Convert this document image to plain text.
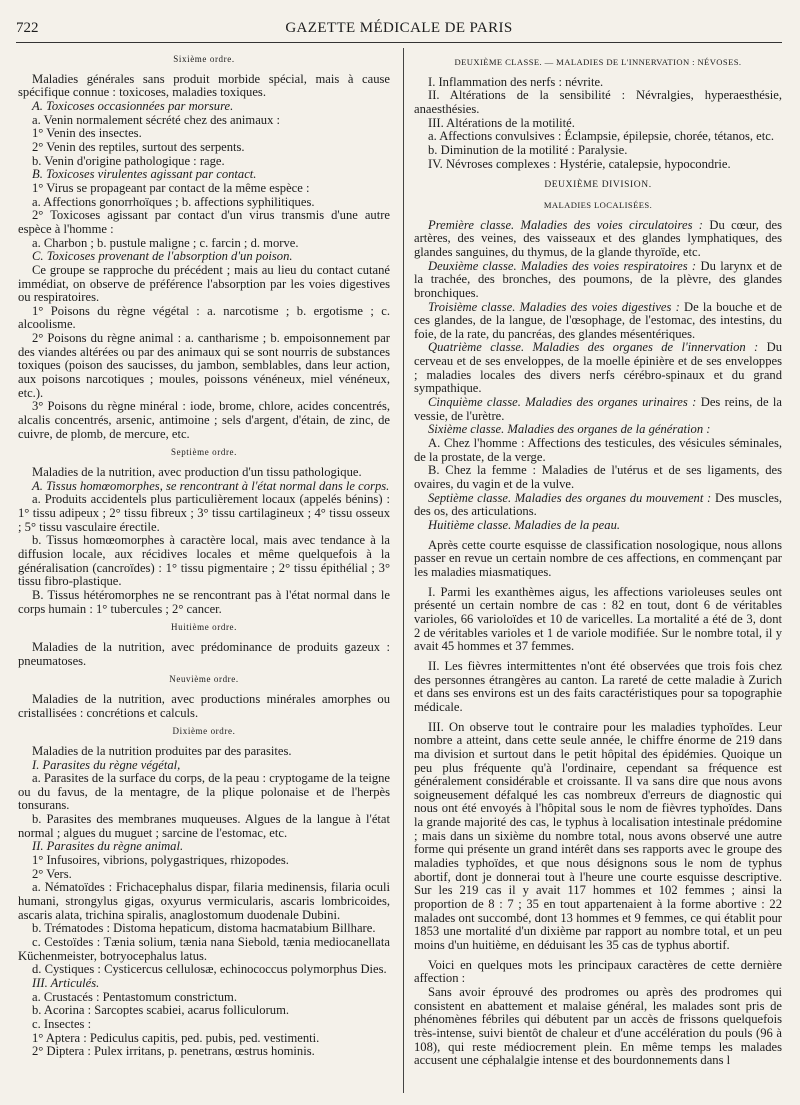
722	GAZETTE MÉDICALE DE PARIS
Sixième ordre.

Maladies générales sans produit morbide spécial, mais à cause spécifique connue : toxicoses, maladies toxiques.

A. Toxicoses occasionnées par morsure.

a. Venin normalement sécrété chez des animaux :

1° Venin des insectes.

2° Venin des reptiles, surtout des serpents.

b. Venin d'origine pathologique : rage.

B. Toxicoses virulentes agissant par contact.

1° Virus se propageant par contact de la même espèce :

a. Affections gonorrhoïques ; b. affections syphilitiques.

2° Toxicoses agissant par contact d'un virus transmis d'une autre espèce à l'homme :

a. Charbon ; b. pustule maligne ; c. farcin ; d. morve.

C. Toxicoses provenant de l'absorption d'un poison.

Ce groupe se rapproche du précédent ; mais au lieu du contact cutané immédiat, on observe de préférence l'absorption par les voies digestives ou respiratoires.

1° Poisons du règne végétal : a. narcotisme ; b. ergotisme ; c. alcoolisme.

2° Poisons du règne animal : a. cantharisme ; b. empoisonnement par des viandes altérées ou par des animaux qui se sont nourris de substances toxiques (poison des saucisses, du jambon, semblables, dans leur action, aux poisons narcotiques ; moules, poissons vénéneux, miel vénéneux, etc.).

3° Poisons du règne minéral : iode, brome, chlore, acides concentrés, alcalis concentrés, arsenic, antimoine ; sels d'argent, d'étain, de zinc, de cuivre, de plomb, de mercure, etc.

Septième ordre.

Maladies de la nutrition, avec production d'un tissu pathologique.

A. Tissus homœomorphes, se rencontrant à l'état normal dans le corps.

a. Produits accidentels plus particulièrement locaux (appelés bénins) : 1° tissu adipeux ; 2° tissu fibreux ; 3° tissu cartilagineux ; 4° tissu osseux ; 5° tissu vasculaire érectile.

b. Tissus homœomorphes à caractère local, mais avec tendance à la diffusion locale, aux récidives locales et même quelquefois à la généralisation (cancroïdes) : 1° tissu pigmentaire ; 2° tissu épithélial ; 3° tissu fibro-plastique.

B. Tissus hétéromorphes ne se rencontrant pas à l'état normal dans le corps humain : 1° tubercules ; 2° cancer.

Huitième ordre.

Maladies de la nutrition, avec prédominance de produits gazeux : pneumatoses.

Neuvième ordre.

Maladies de la nutrition, avec productions minérales amorphes ou cristallisées : concrétions et calculs.

Dixième ordre.

Maladies de la nutrition produites par des parasites.

I. Parasites du règne végétal,

a. Parasites de la surface du corps, de la peau : cryptogame de la teigne ou du favus, de la mentagre, de la plique polonaise et de l'herpès tonsurans.

b. Parasites des membranes muqueuses. Algues de la langue à l'état normal ; algues du muguet ; sarcine de l'estomac, etc.

II. Parasites du règne animal.

1° Infusoires, vibrions, polygastriques, rhizopodes.

2° Vers.

a. Nématoïdes : Frichacephalus dispar, filaria medinensis, filaria oculi humani, strongylus gigas, oxyurus vermicularis, ascaris lombricoides, ascaris alata, trichina spiralis, anaglostomum duodenale Dubini.

b. Trématodes : Distoma hepaticum, distoma hacmatabium Billhare.

c. Cestoïdes : Tænia solium, tænia nana Siebold, tænia mediocanellata Küchenmeister, botryocephalus latus.

d. Cystiques : Cysticercus cellulosæ, echinococcus polymorphus Dies.

III. Articulés.

a. Crustacés : Pentastomum constrictum.

b. Acorina : Sarcoptes scabiei, acarus folliculorum.

c. Insectes :

1° Aptera : Pediculus capitis, ped. pubis, ped. vestimenti.

2° Diptera : Pulex irritans, p. penetrans, œstrus hominis.

DEUXIÈME CLASSE. — MALADIES DE L'INNERVATION : NÉVOSES.

I. Inflammation des nerfs : névrite.

II. Altérations de la sensibilité : Névralgies, hyperaesthésie, anaesthésies.

III. Altérations de la motilité.

a. Affections convulsives : Éclampsie, épilepsie, chorée, tétanos, etc.

b. Diminution de la motilité : Paralysie.

IV. Névroses complexes : Hystérie, catalepsie, hypocondrie.

DEUXIÈME DIVISION.
MALADIES LOCALISÉES.

Première classe. Maladies des voies circulatoires : Du cœur, des artères, des veines, des vaisseaux et des glandes lymphatiques, des glandes sanguines, du thymus, de la glande thyroïde, etc.

Deuxième classe. Maladies des voies respiratoires : Du larynx et de la trachée, des bronches, des poumons, de la plèvre, des glandes bronchiques.

Troisième classe. Maladies des voies digestives : De la bouche et de ces glandes, de la langue, de l'œsophage, de l'estomac, des intestins, du foie, de la rate, du pancréas, des glandes mésentériques.

Quatrième classe. Maladies des organes de l'innervation : Du cerveau et de ses enveloppes, de la moelle épinière et de ses enveloppes ; maladies locales des divers nerfs cérébro-spinaux et du grand sympathique.

Cinquième classe. Maladies des organes urinaires : Des reins, de la vessie, de l'urètre.

Sixième classe. Maladies des organes de la génération :

A. Chez l'homme : Affections des testicules, des vésicules séminales, de la prostate, de la verge.

B. Chez la femme : Maladies de l'utérus et de ses ligaments, des ovaires, du vagin et de la vulve.

Septième classe. Maladies des organes du mouvement : Des muscles, des os, des articulations.

Huitième classe. Maladies de la peau.

Après cette courte esquisse de classification nosologique, nous allons passer en revue un certain nombre de ces affections, en commençant par les maladies miasmatiques.

I. Parmi les exanthèmes aigus, les affections varioleuses seules ont présenté un certain nombre de cas : 82 en tout, dont 6 de véritables varioles, 66 varioloïdes et 10 de varicelles. La mortalité a été de 3, dont 2 de véritables varioles et 1 de variole modifiée. Sur le nombre total, il y avait 45 hommes et 37 femmes.

II. Les fièvres intermittentes n'ont été observées que trois fois chez des personnes étrangères au canton. La rareté de cette maladie à Zurich et dans ses environs est un des faits caractéristiques pour sa topographie médicale.

III. On observe tout le contraire pour les maladies typhoïdes. Leur nombre a atteint, dans cette seule année, le chiffre énorme de 219 dans ma division et surtout dans le petit hôpital des épidémies. Quoique un peu plus fréquente qu'à l'ordinaire, cependant sa fréquence est généralement considérable et croissante. Il va sans dire que nous avons soigneusement défalqué les cas nombreux d'erreurs de diagnostic qui nous ont été envoyés à l'hôpital sous le nom de fièvres typhoïdes. Dans la grande majorité des cas, le typhus à localisation intestinale prédomine ; mais dans un sixième du nombre total, nous avons observé une autre forme qui présente un grand intérêt dans ses rapports avec le groupe des maladies typhoïdes, et que nous désignons sous le nom de typhus abortif, dont je donnerai tout à l'heure une courte esquisse descriptive. Sur les 219 cas il y avait 117 hommes et 102 femmes ; ainsi la proportion de 8 : 7 ; 35 en tout appartenaient à la forme abortive : 22 malades ont succombé, dont 13 hommes et 9 femmes, ce qui établit pour 1853 une mortalité d'un dixième par rapport au nombre total, et un peu moins d'un huitième, en déduisant les 35 cas de typhus abortif.

Voici en quelques mots les principaux caractères de cette dernière affection :

Sans avoir éprouvé des prodromes ou après des prodromes qui consistent en abattement et malaise général, les malades sont pris de phénomènes fébriles qui débutent par un accès de frissons quelquefois très-intense, suivi bientôt de chaleur et d'une accélération du pouls (96 à 108), qui reste médiocrement plein. En même temps les malades accusent une céphalalgie intense et des bourdonnements dans l
